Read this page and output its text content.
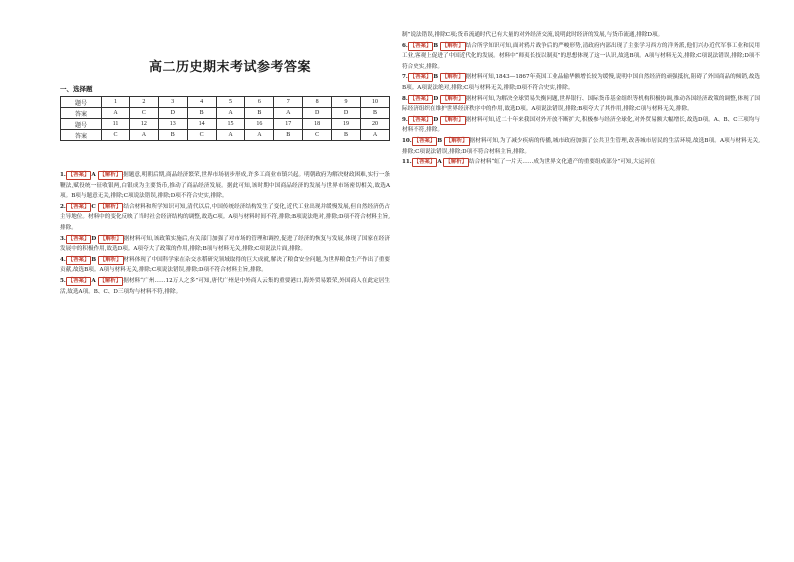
高二历史期末考试参考答案
一、选择题
题号	1	2	3	4	5	6	7	8	9	10
答案	A	C	D	B	A	B	A	D	D	B
题号	11	12	13	14	15	16	17	18	19	20
答案	C	A	B	C	A	A	B	C	B	A
1. 【答案】 A 【解析】 据题意,明朝后期,商品经济繁荣,世界市场初步形成,许多工商业市镇兴起。明朝政府为解决财政困难,实行一条鞭法,赋役统一征收银两,白银成为主要货币,推动了商品经济发展。据此可知,该时期中国商品经济的发展与世界市场密切相关,故选A项。B项与题意无关,排除;C项说法错误,排除;D项不符合史实,排除。
2. 【答案】 C 【解析】 结合材料和所学知识可知,清代以后,中国传统经济结构发生了变化,近代工业出现并缓慢发展,但自然经济仍占主导地位。材料中的变化反映了当时社会经济结构的调整,故选C项。A项与材料时间不符,排除;B项说法绝对,排除;D项不符合材料主旨,排除。
3. 【答案】 D 【解析】 据材料可知,该政策实施后,有关部门加强了对市场的管理和调控,促进了经济的恢复与发展,体现了国家在经济发展中的积极作用,故选D项。A项夸大了政策的作用,排除;B项与材料无关,排除;C项说法片面,排除。
4. 【答案】 B 【解析】 材料体现了中国科学家在杂交水稻研究领域取得的巨大成就,解决了粮食安全问题,为世界粮食生产作出了重要贡献,故选B项。A项与材料无关,排除;C项说法错误,排除;D项不符合材料主旨,排除。
5. 【答案】 A 【解析】 据材料“广州……12万人之多”可知,唐代广州是中外商人云集的重要港口,海外贸易繁荣,外国商人在此定居生活,故选A项。B、C、D三项均与材料不符,排除。
制”说法错误,排除C项;货币流通时代已有大量的对外经济交流,说明此时经济的发展,与货币流通,排除D项。
6. 【答案】 B 【解析】 结合所学知识可知,面对鸦片战争后的严峻形势,清政府内部出现了主张学习西方的洋务派,他们兴办近代军事工业和民用工业,客观上促进了中国近代化的发展。材料中“师夷长技以制夷”的思想体现了这一认识,故选B项。A项与材料无关,排除;C项说法错误,排除;D项不符合史实,排除。
7. 【答案】 B 【解析】 据材料可知,1843—1867年英国工业品输华额增长较为缓慢,说明中国自然经济的顽强抵抗,阻碍了外国商品的倾销,故选B项。A项说法绝对,排除;C项与材料无关,排除;D项不符合史实,排除。
8. 【答案】 D 【解析】 据材料可知,为解决全球贸易失衡问题,世界银行、国际货币基金组织等机构积极协调,推动各国经济政策的调整,体现了国际经济组织在维护世界经济秩序中的作用,故选D项。A项说法错误,排除;B项夸大了其作用,排除;C项与材料无关,排除。
9. 【答案】 D 【解析】 据材料可知,近二十年来我国对外开放不断扩大,积极参与经济全球化,对外贸易额大幅增长,故选D项。A、B、C三项均与材料不符,排除。
10. 【答案】 B 【解析】 据材料可知,为了减少疾病的传播,城市政府加强了公共卫生管理,改善城市居民的生活环境,故选B项。A项与材料无关,排除;C项说法错误,排除;D项不符合材料主旨,排除。
11. 【答案】 A 【解析】 结合材料“虹了一片天……成为世界文化遗产的重要组成部分”可知,大运河在
